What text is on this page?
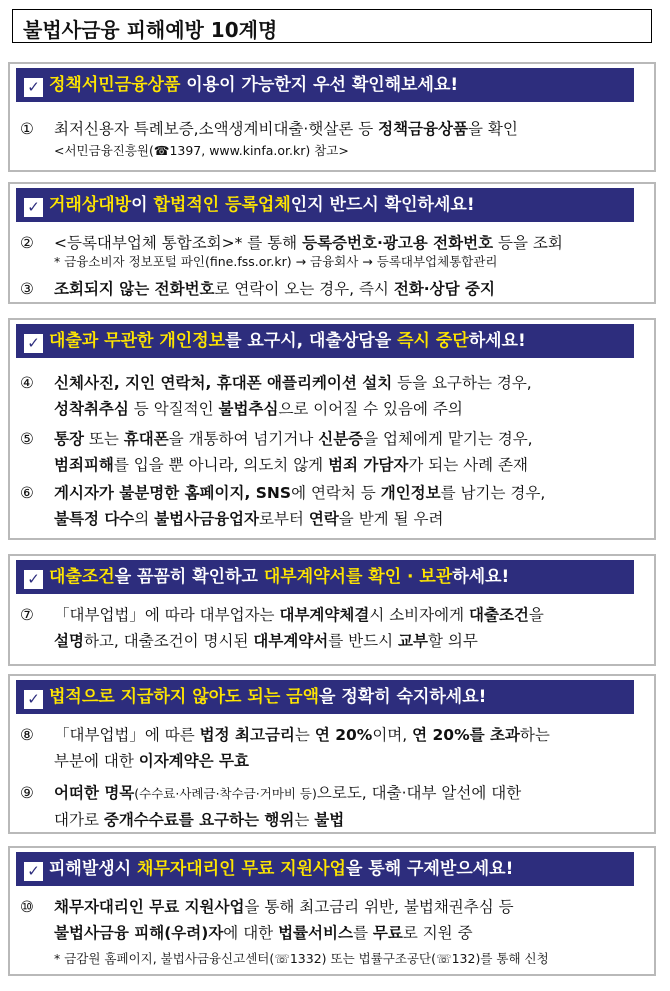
불법사금융 피해예방 10계명
✓ 정책서민금융상품 이용이 가능한지 우선 확인해보세요!
①	최저신용자 특례보증,소액생계비대출·햇살론 등 정책금융상품을 확인
<서민금융진흥원(☎1397, www.kinfa.or.kr) 참고>
✓ 거래상대방이 합법적인 등록업체인지 반드시 확인하세요!
②	<등록대부업체 통합조회>* 를 통해 등록증번호·광고용 전화번호 등을 조회
③	조회되지 않는 전화번호로 연락이 오는 경우, 즉시 전화·상담 중지
* 금융소비자 정보포털 파인(fine.fss.or.kr) → 금융회사 → 등록대부업체통합관리
✓ 대출과 무관한 개인정보를 요구시, 대출상담을 즉시 중단하세요!
④	신체사진, 지인 연락처, 휴대폰 애플리케이션 설치 등을 요구하는 경우,
성착취추심 등 악질적인 불법추심으로 이어질 수 있음에 주의
⑤	통장 또는 휴대폰을 개통하여 넘기거나 신분증을 업체에게 맡기는 경우,
범죄피해를 입을 뿐 아니라, 의도치 않게 범죄 가담자가 되는 사례 존재
⑥	게시자가 불분명한 홈페이지, SNS에 연락처 등 개인정보를 남기는 경우,
불특정 다수의 불법사금융업자로부터 연락을 받게 될 우려
✓ 대출조건을 꼼꼼히 확인하고 대부계약서를 확인 · 보관하세요!
⑦	「대부업법」에 따라 대부업자는 대부계약체결시 소비자에게 대출조건을
설명하고, 대출조건이 명시된 대부계약서를 반드시 교부할 의무
✓ 법적으로 지급하지 않아도 되는 금액을 정확히 숙지하세요!
⑧	「대부업법」에 따른 법정 최고금리는 연 20%이며, 연 20%를 초과하는
부분에 대한 이자계약은 무효
⑨	어떠한 명목(수수료·사례금·착수금·거마비 등)으로도, 대출·대부 알선에 대한
대가로 중개수수료를 요구하는 행위는 불법
✓ 피해발생시 채무자대리인 무료 지원사업을 통해 구제받으세요!
⑩	채무자대리인 무료 지원사업을 통해 최고금리 위반, 불법채권추심 등
불법사금융 피해(우려)자에 대한 법률서비스를 무료로 지원 중
* 금감원 홈페이지, 불법사금융신고센터(☏1332) 또는 법률구조공단(☏132)를 통해 신청
